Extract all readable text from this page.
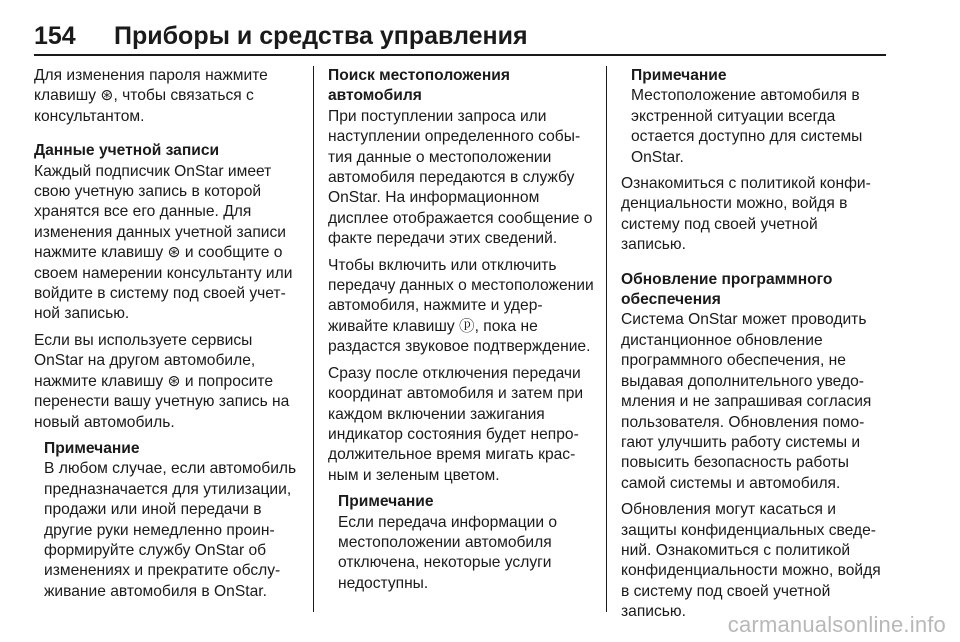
154 Приборы и средства управления

Для изменения пароля нажмите клавишу ⊛, чтобы связаться с консультантом.

Данные учетной записи

Каждый подписчик OnStar имеет свою учетную запись в которой хранятся все его данные. Для изменения данных учетной записи нажмите клавишу ⊛ и сообщите о своем намерении консультанту или войдите в систему под своей учетной записью.

Если вы используете сервисы OnStar на другом автомобиле, нажмите клавишу ⊛ и попросите перенести вашу учетную запись на новый автомобиль.

Примечание
В любом случае, если автомобиль предназначается для утилизации, продажи или иной передачи в другие руки немедленно проинформируйте службу OnStar об изменениях и прекратите обслуживание автомобиля в OnStar.

Поиск местоположения автомобиля

При поступлении запроса или наступлении определенного события данные о местоположении автомобиля передаются в службу OnStar. На информационном дисплее отображается сообщение о факте передачи этих сведений.

Чтобы включить или отключить передачу данных о местоположении автомобиля, нажмите и удерживайте клавишу ⓟ, пока не раздастся звуковое подтверждение.

Сразу после отключения передачи координат автомобиля и затем при каждом включении зажигания индикатор состояния будет непродолжительное время мигать красным и зеленым цветом.

Примечание
Если передача информации о местоположении автомобиля отключена, некоторые услуги недоступны.
Примечание
Местоположение автомобиля в экстренной ситуации всегда остается доступно для системы OnStar.

Ознакомиться с политикой конфиденциальности можно, войдя в систему под своей учетной записью.

Обновление программного обеспечения

Система OnStar может проводить дистанционное обновление программного обеспечения, не выдавая дополнительного уведомления и не запрашивая согласия пользователя. Обновления помогают улучшить работу системы и повысить безопасность работы самой системы и автомобиля.

Обновления могут касаться и защиты конфиденциальных сведений. Ознакомиться с политикой конфиденциальности можно, войдя в систему под своей учетной записью.

carmanualsonline.info
